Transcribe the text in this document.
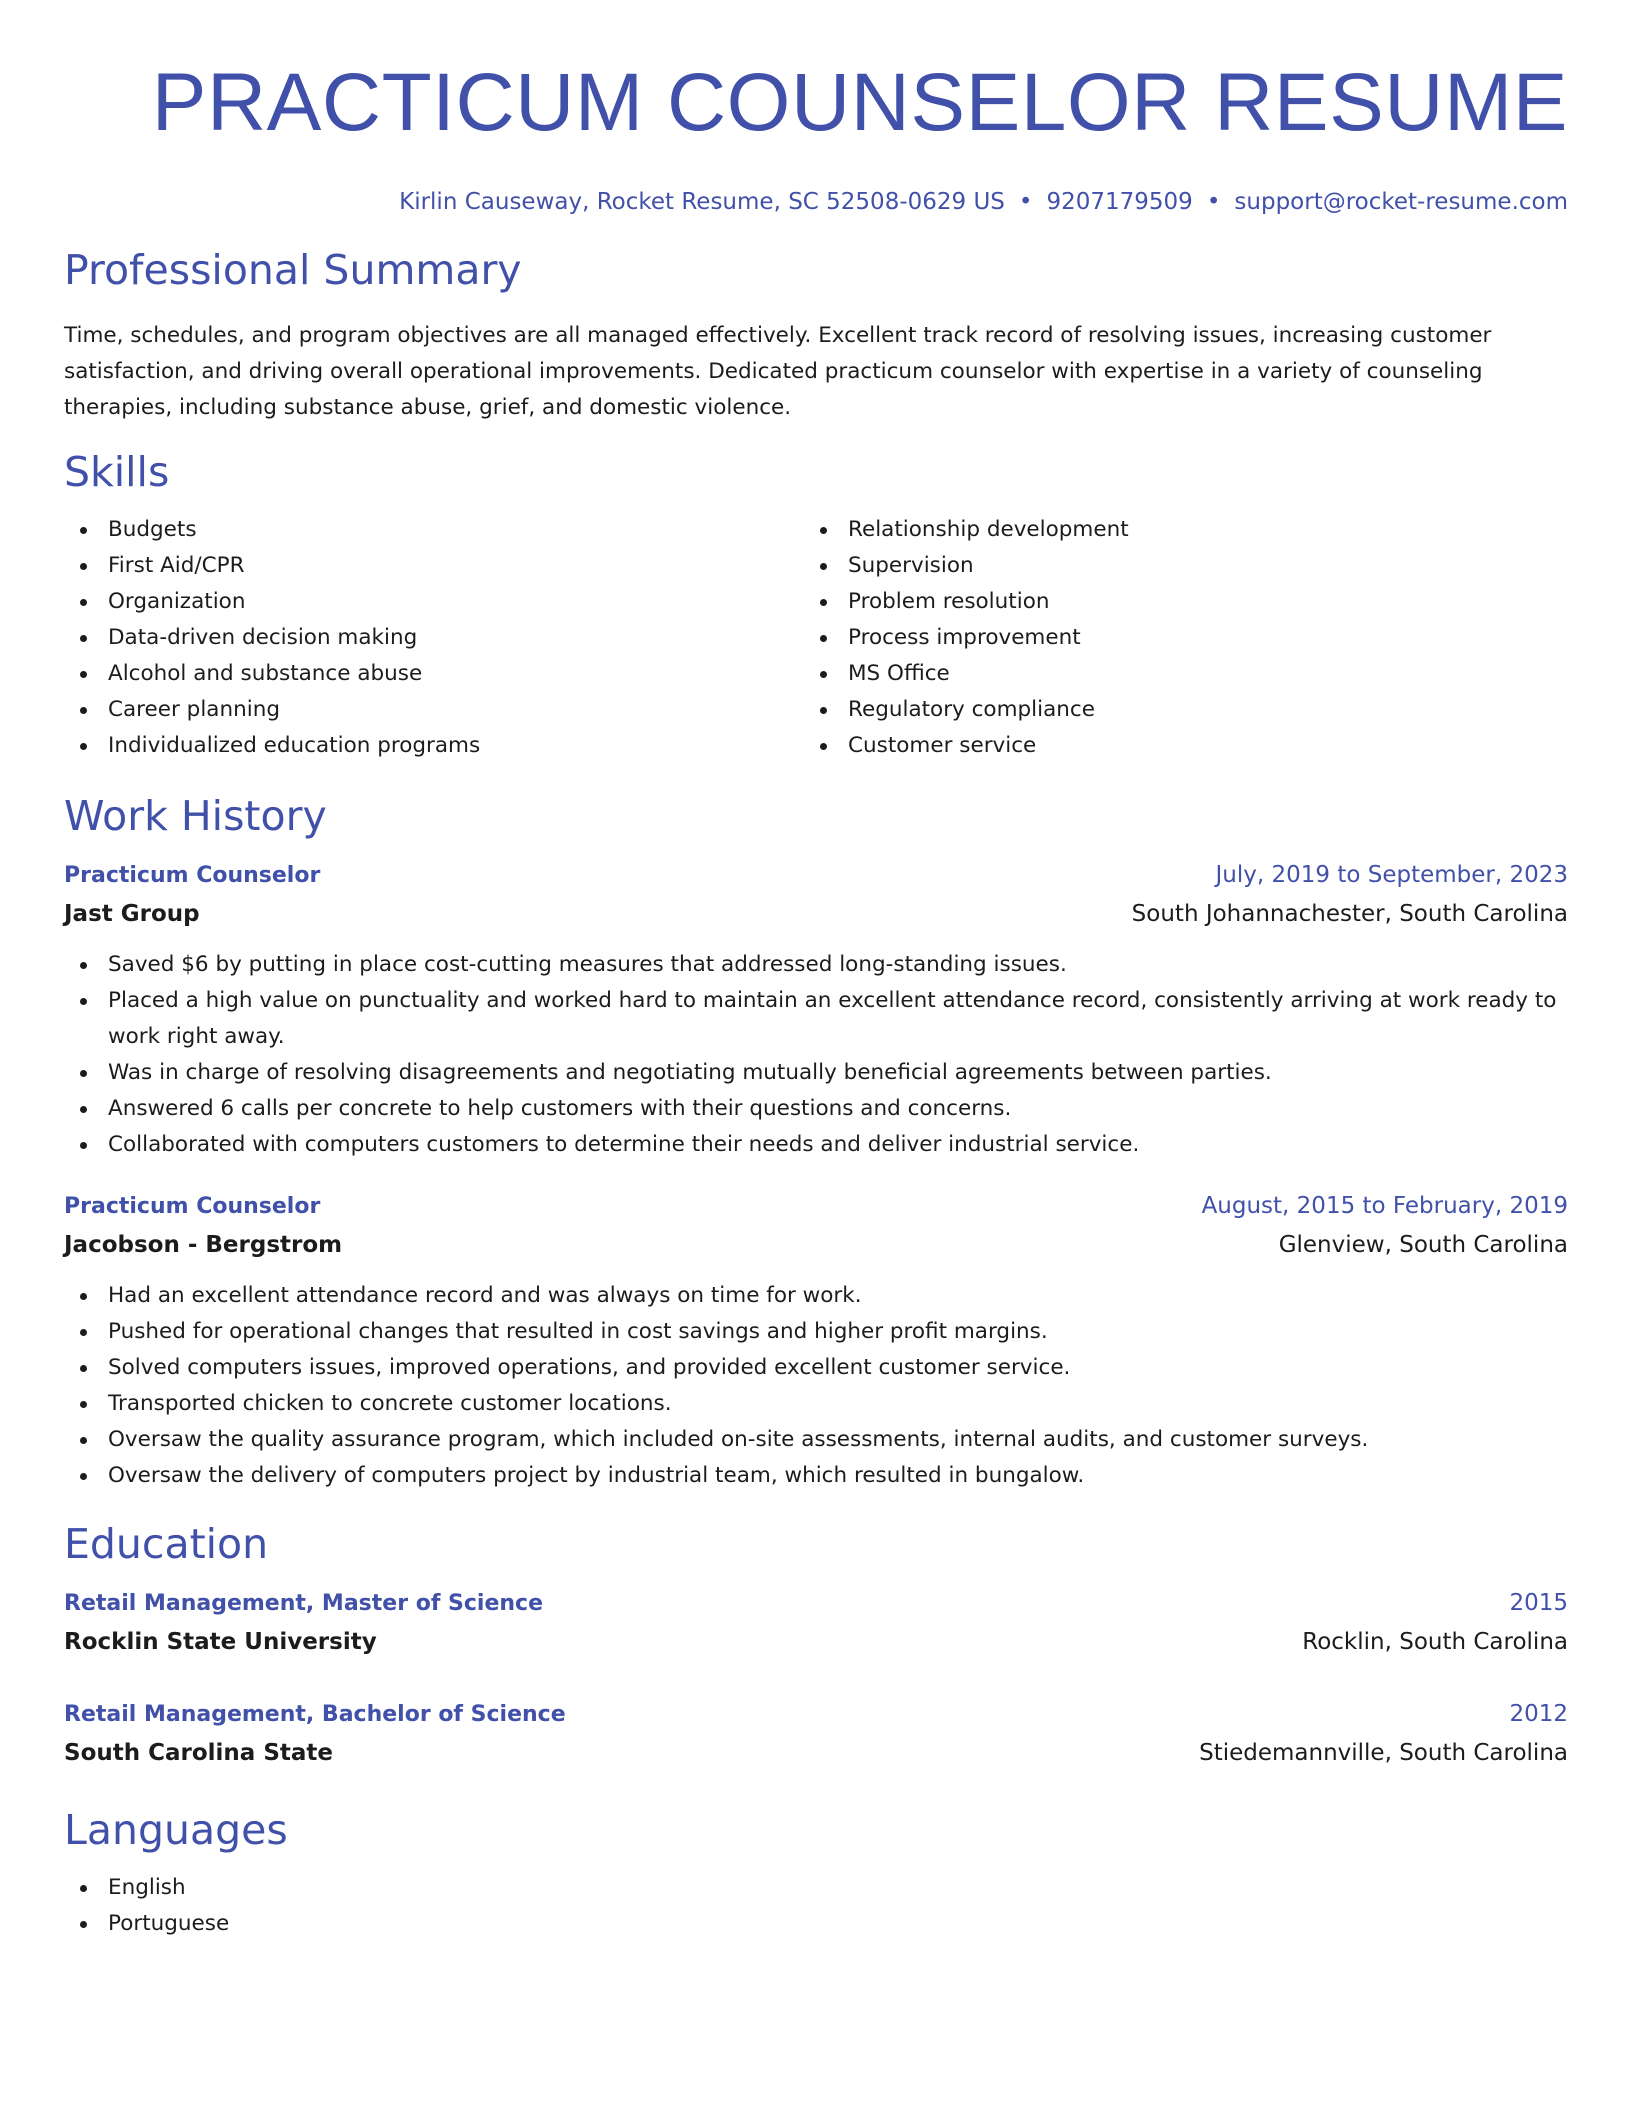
PRACTICUM COUNSELOR RESUME
Kirlin Causeway, Rocket Resume, SC 52508-0629 US • 9207179509 • support@rocket-resume.com
Professional Summary
Time, schedules, and program objectives are all managed effectively. Excellent track record of resolving issues, increasing customer satisfaction, and driving overall operational improvements. Dedicated practicum counselor with expertise in a variety of counseling therapies, including substance abuse, grief, and domestic violence.
Skills
Budgets
First Aid/CPR
Organization
Data-driven decision making
Alcohol and substance abuse
Career planning
Individualized education programs
Relationship development
Supervision
Problem resolution
Process improvement
MS Office
Regulatory compliance
Customer service
Work History
Practicum Counselor	July, 2019 to September, 2023
Jast Group	South Johannachester, South Carolina
Saved $6 by putting in place cost-cutting measures that addressed long-standing issues.
Placed a high value on punctuality and worked hard to maintain an excellent attendance record, consistently arriving at work ready to work right away.
Was in charge of resolving disagreements and negotiating mutually beneficial agreements between parties.
Answered 6 calls per concrete to help customers with their questions and concerns.
Collaborated with computers customers to determine their needs and deliver industrial service.
Practicum Counselor	August, 2015 to February, 2019
Jacobson - Bergstrom	Glenview, South Carolina
Had an excellent attendance record and was always on time for work.
Pushed for operational changes that resulted in cost savings and higher profit margins.
Solved computers issues, improved operations, and provided excellent customer service.
Transported chicken to concrete customer locations.
Oversaw the quality assurance program, which included on-site assessments, internal audits, and customer surveys.
Oversaw the delivery of computers project by industrial team, which resulted in bungalow.
Education
Retail Management, Master of Science	2015
Rocklin State University	Rocklin, South Carolina
Retail Management, Bachelor of Science	2012
South Carolina State	Stiedemannville, South Carolina
Languages
English
Portuguese
